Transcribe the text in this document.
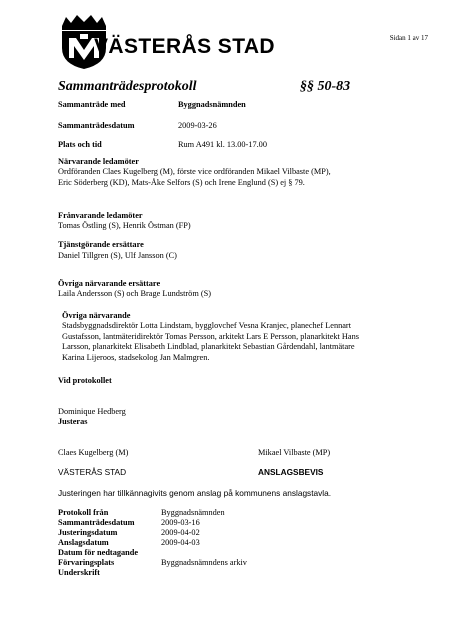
Sidan 1 av 17
VÄSTERÅS STAD
Sammanträdesprotokoll	§§ 50-83
Sammanträde med	Byggnadsnämnden
Sammanträdesdatum	2009-03-26
Plats och tid	Rum A491 kl. 13.00-17.00
Närvarande ledamöter
Ordföranden Claes Kugelberg (M), förste vice ordföranden Mikael Vilbaste (MP),
Eric Söderberg (KD), Mats-Åke Selfors (S) och Irene Englund (S) ej § 79.
Frånvarande ledamöter
Tomas Östling (S), Henrik Östman (FP)
Tjänstgörande ersättare
Daniel Tillgren (S), Ulf Jansson (C)
Övriga närvarande ersättare
Laila Andersson (S) och Brage Lundström (S)
Övriga närvarande
Stadsbyggnadsdirektör Lotta Lindstam, bygglovchef Vesna Kranjec, planechef Lennart
Gustafsson, lantmäteridirektör Tomas Persson, arkitekt Lars E Persson, planarkitekt Hans
Larsson, planarkitekt Elisabeth Lindblad, planarkitekt Sebastian Gårdendahl, lantmätare
Karina Lijeroos, stadsekolog Jan Malmgren.
Vid protokollet
Dominique Hedberg
Justeras
Claes Kugelberg (M)	Mikael Vilbaste (MP)
VÄSTERÅS STAD	ANSLAGSBEVIS
Justeringen har tillkännagivits genom anslag på kommunens anslagstavla.
Protokoll från	Byggnadsnämnden
Sammanträdesdatum	2009-03-16
Justeringsdatum	2009-04-02
Anslagsdatum	2009-04-03
Datum för nedtagande
Förvaringsplats	Byggnadsnämndens arkiv
Underskrift
